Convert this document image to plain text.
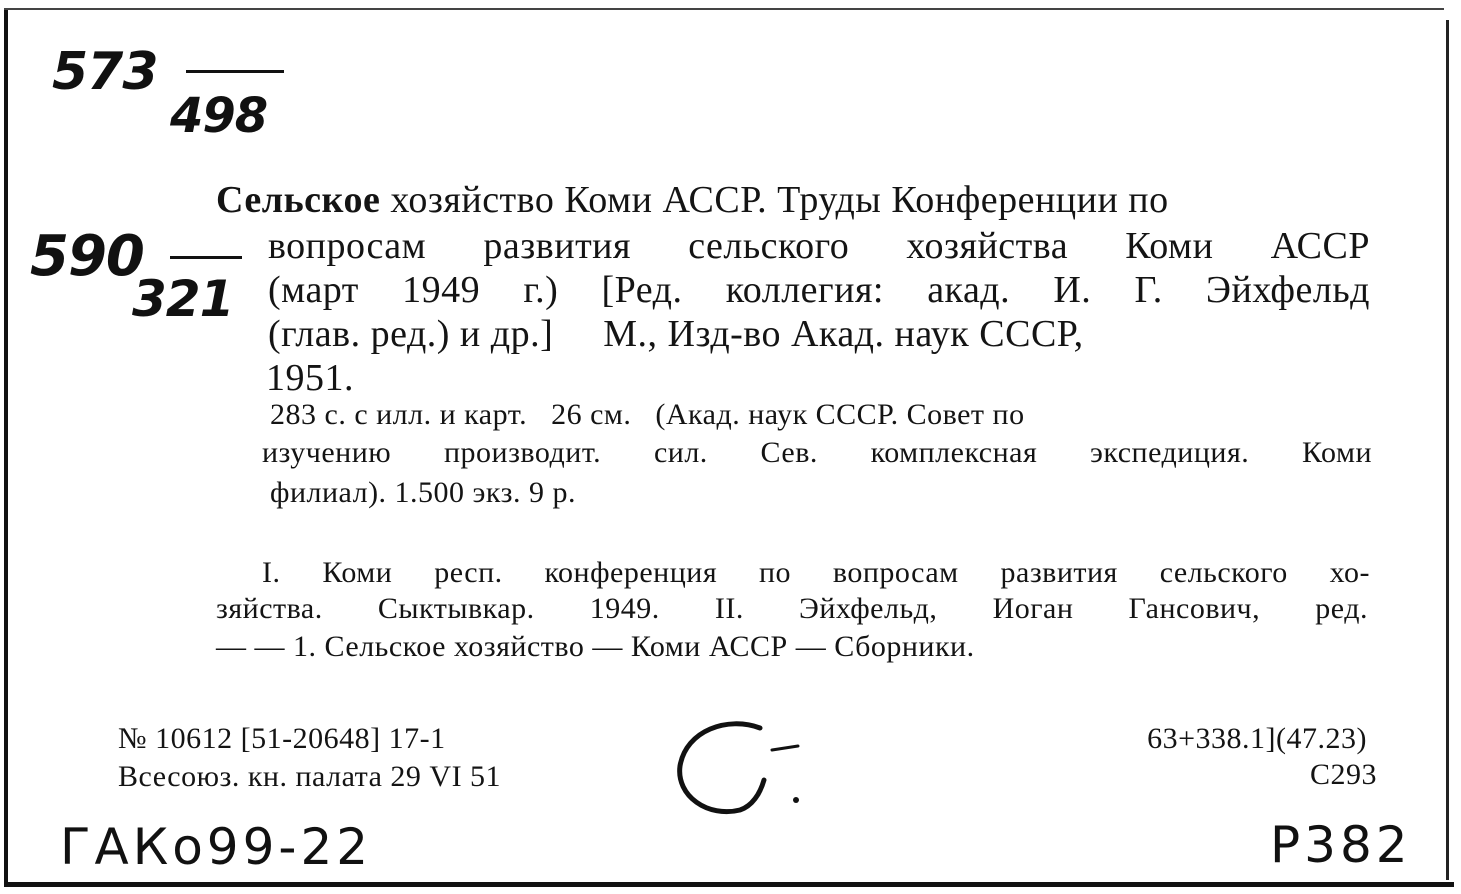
573
498
590
321
Сельское хозяйство Коми АССР. Труды Конференции по
вопросам развития сельского хозяйства Коми АССР
(март 1949 г.) [Ред. коллегия: акад. И. Г. Эйхфельд
(глав. ред.) и др.]     М., Изд-во Акад. наук СССР,
1951.
283 с. с илл. и карт.   26 см.   (Акад. наук СССР. Совет по
изучению производит. сил. Сев. комплексная экспедиция. Коми
филиал). 1.500 экз. 9 р.
I. Коми респ. конференция по вопросам развития сельского хо-
зяйства. Сыктывкар. 1949. II. Эйхфельд, Иоган Гансович, ред.
— — 1. Сельское хозяйство — Коми АССР — Сборники.
№ 10612 [51-20648] 17-1
Всесоюз. кн. палата 29 VI 51
63+338.1](47.23)
С293
ГАКо99-22	Р382
